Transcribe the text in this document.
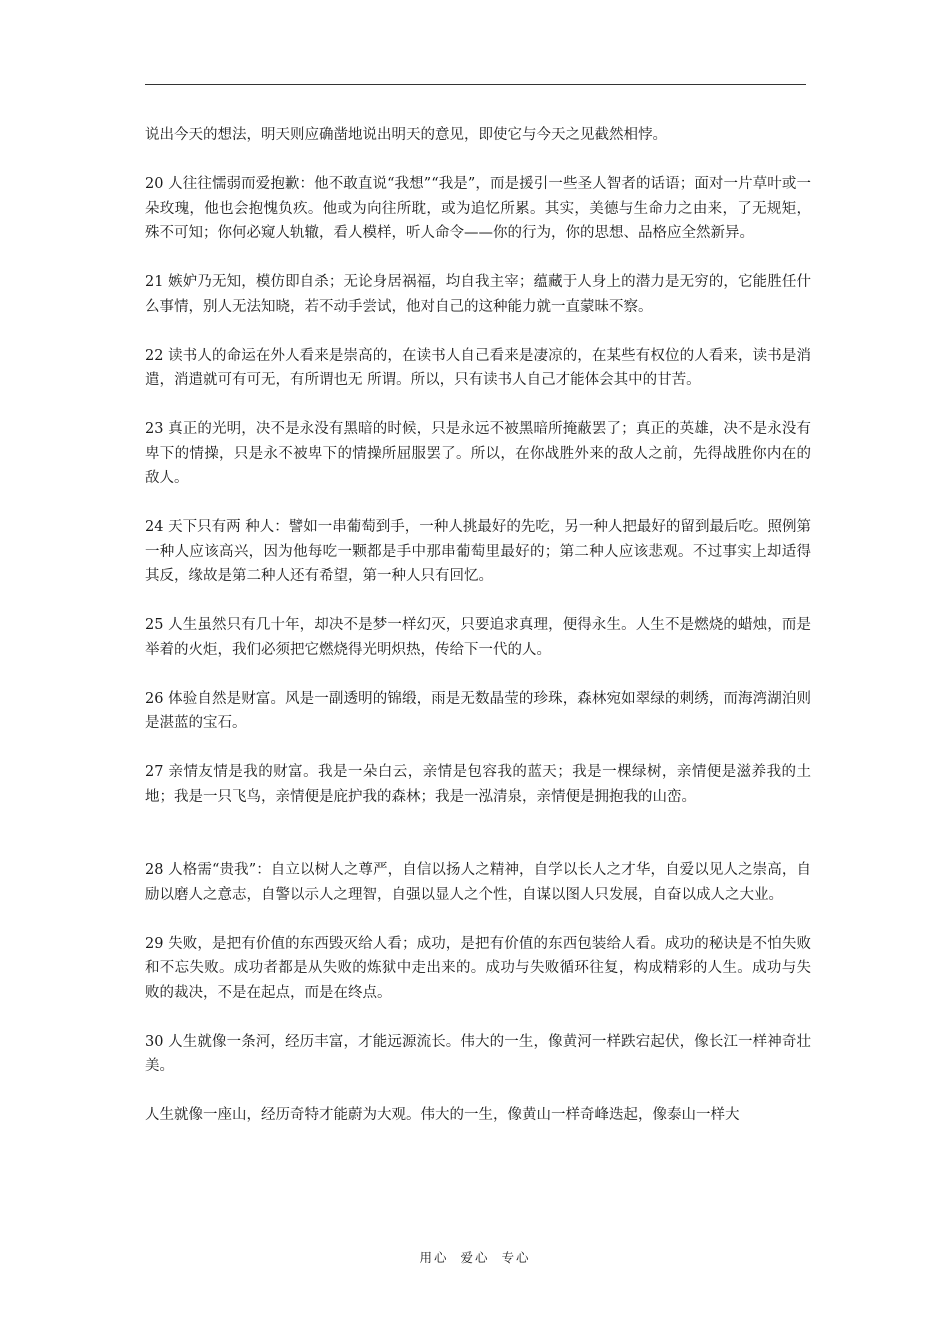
说出今天的想法，明天则应确凿地说出明天的意见，即使它与今天之见截然相悖。

20 人往往懦弱而爱抱歉：他不敢直说“我想”“我是”，而是援引一些圣人智者的话语；面对一片草叶或一朵玫瑰，他也会抱愧负疚。他或为向往所耽，或为追忆所累。其实，美德与生命力之由来，了无规矩，殊不可知；你何必窥人轨辙，看人模样，听人命令——你的行为，你的思想、品格应全然新异。

21 嫉妒乃无知，模仿即自杀；无论身居祸福，均自我主宰；蕴藏于人身上的潜力是无穷的，它能胜任什么事情，别人无法知晓，若不动手尝试，他对自己的这种能力就一直蒙昧不察。

22 读书人的命运在外人看来是崇高的，在读书人自己看来是凄凉的，在某些有权位的人看来，读书是消遣，消遣就可有可无，有所谓也无 所谓。所以，只有读书人自己才能体会其中的甘苦。

23 真正的光明，决不是永没有黑暗的时候，只是永远不被黑暗所掩蔽罢了；真正的英雄，决不是永没有卑下的情操，只是永不被卑下的情操所屈服罢了。所以，在你战胜外来的敌人之前，先得战胜你内在的敌人。

24 天下只有两 种人：譬如一串葡萄到手，一种人挑最好的先吃，另一种人把最好的留到最后吃。照例第一种人应该高兴，因为他每吃一颗都是手中那串葡萄里最好的；第二种人应该悲观。不过事实上却适得其反，缘故是第二种人还有希望，第一种人只有回忆。

25 人生虽然只有几十年，却决不是梦一样幻灭，只要追求真理，便得永生。人生不是燃烧的蜡烛，而是举着的火炬，我们必须把它燃烧得光明炽热，传给下一代的人。

26 体验自然是财富。风是一副透明的锦缎，雨是无数晶莹的珍珠，森林宛如翠绿的刺绣，而海湾湖泊则是湛蓝的宝石。

27 亲情友情是我的财富。我是一朵白云，亲情是包容我的蓝天；我是一棵绿树，亲情便是滋养我的土地；我是一只飞鸟，亲情便是庇护我的森林；我是一泓清泉，亲情便是拥抱我的山峦。

28 人格需“贵我”：自立以树人之尊严，自信以扬人之精神，自学以长人之才华，自爱以见人之崇高，自励以磨人之意志，自警以示人之理智，自强以显人之个性，自谋以图人只发展，自奋以成人之大业。

29 失败，是把有价值的东西毁灭给人看；成功，是把有价值的东西包装给人看。成功的秘诀是不怕失败和不忘失败。成功者都是从失败的炼狱中走出来的。成功与失败循环往复，构成精彩的人生。成功与失败的裁决，不是在起点，而是在终点。

30 人生就像一条河，经历丰富，才能远源流长。伟大的一生，像黄河一样跌宕起伏，像长江一样神奇壮美。

人生就像一座山，经历奇特才能蔚为大观。伟大的一生，像黄山一样奇峰迭起，像泰山一样大

用心 爱心 专心
